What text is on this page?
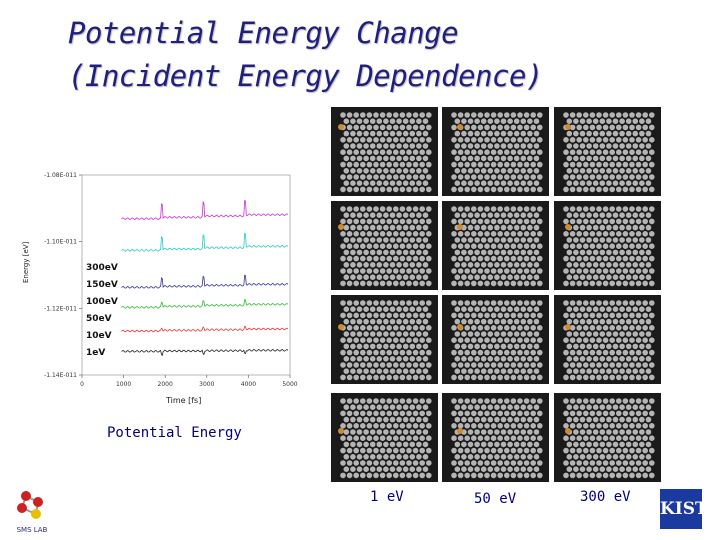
Potential Energy Change
(Incident Energy Dependence)
0	1000	2000	3000	4000	5000
-1.08E-011
-1.10E-011
-1.12E-011
-1.14E-011
300eV
150eV
100eV
50eV
10eV
1eV
Time [fs]
Energy [eV]
Potential Energy
1 eV	50 eV	300 eV
SMS LAB
KIST
